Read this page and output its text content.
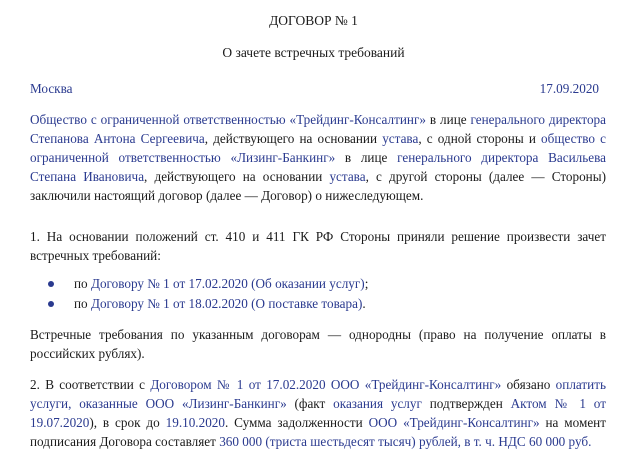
ДОГОВОР № 1
О зачете встречных требований
Москва	17.09.2020

Общество с ограниченной ответственностью «Трейдинг-Консалтинг» в лице генерального директора Степанова Антона Сергеевича, действующего на основании устава, с одной стороны и общество с ограниченной ответственностью «Лизинг-Банкинг» в лице генерального директора Васильева Степана Ивановича, действующего на основании устава, с другой стороны (далее — Стороны) заключили настоящий договор (далее — Договор) о нижеследующем.

1. На основании положений ст. 410 и 411 ГК РФ Стороны приняли решение произвести зачет встречных требований:

по Договору № 1 от 17.02.2020 (Об оказании услуг);
по Договору № 1 от 18.02.2020 (О поставке товара).

Встречные требования по указанным договорам — однородны (право на получение оплаты в российских рублях).

2. В соответствии с Договором № 1 от 17.02.2020 ООО «Трейдинг-Консалтинг» обязано оплатить услуги, оказанные ООО «Лизинг-Банкинг» (факт оказания услуг подтвержден Актом № 1 от 19.07.2020), в срок до 19.10.2020. Сумма задолженности ООО «Трейдинг-Консалтинг» на момент подписания Договора составляет 360 000 (триста шестьдесят тысяч) рублей, в т. ч. НДС 60 000 руб.
